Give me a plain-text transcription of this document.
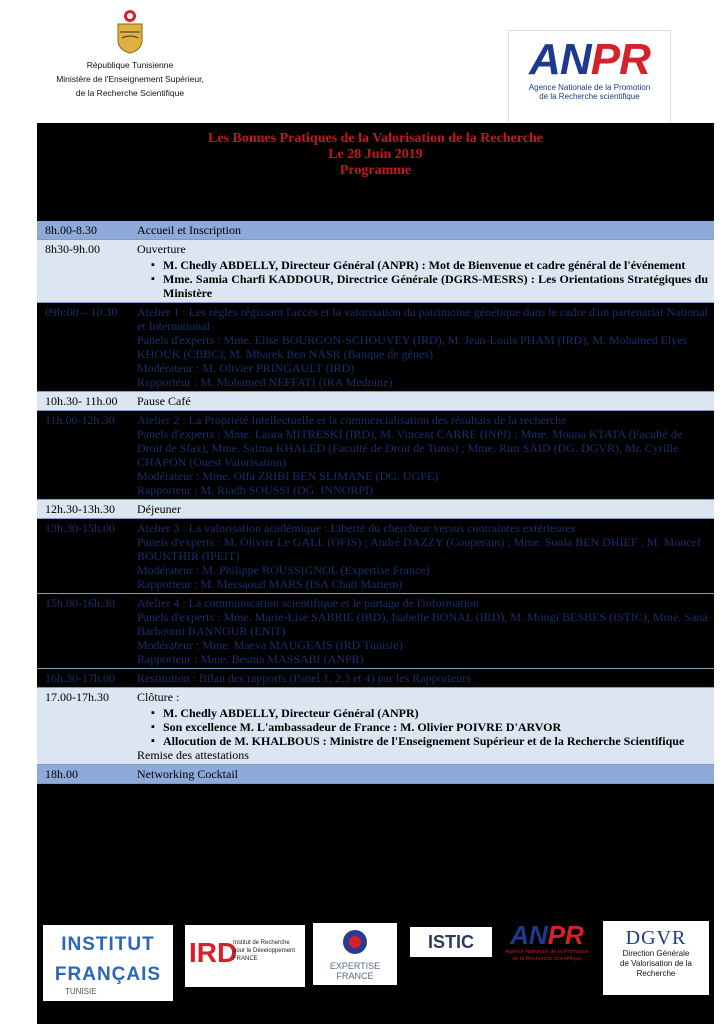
République Tunisienne
Ministère de l'Enseignement Supérieur,
de la Recherche Scientifique
ANPR
Agence Nationale de la Promotion
de la Recherche scientifique
Les Bonnes Pratiques de la Valorisation de la Recherche
Le 28 Juin 2019
Programme
8h.00-8.30	Accueil et Inscription
8h30-9h.00	Ouverture
▪ M. Chedly ABDELLY, Directeur Général (ANPR) : Mot de Bienvenue et cadre général de l'événement
▪ Mme. Samia Charfi KADDOUR, Directrice Générale (DGRS-MESRS) : Les Orientations Stratégiques du Ministère
09h:00 – 10.30	Atelier 1 : Les règles régissant l'accès et la valorisation du patrimoine génétique dans le cadre d'un partenariat National et International
Panels d'experts : Mme. Elise BOURGON-SCHOUVEY (IRD), M. Jean-Louis PHAM (IRD), M. Mohamed Elyes KHOUK (CBBC), M. Mbarek Ben NASR (Banque de gènes)
Modérateur : M. Olivier PRINGAULT (IRD)
Rapporteur : M. Mohamed NEFFATI (IRA Mednine)
10h.30- 11h.00	Pause Café
11h.00-12h.30	Atelier 2 : La Propriété Intellectuelle et la commercialisation des résultats de la recherche
Panels d'experts : Mme. Laura MITRESKI (IRD), M. Vincent CARRE (INPI) ; Mme. Mouna KTATA (Faculté de Droit de Sfax), Mme. Salma KHALED (Faculté de Droit de Tunis) ; Mme. Rim SAID (DG. DGVR), Mr. Cyrille CHAPON (Ouest Valorisation)
Modérateur : Mme. Olfa ZRIBI BEN SLIMANE (DG. UGPE)
Rapporteur : M. Riadh SOUSSI (DG. INNORPI)
12h.30-13h.30	Déjeuner
13h.30-15h.00	Atelier 3 : La valorisation académique : Liberté du chercheur versus contraintes extérieures
Panels d'experts : M. Olivier Le GALL (OFIS) ; André DAZZY (Couperain) ; Mme. Sonia BEN DHIEF ; M. Moncef BOUKTHIR (IPEIT)
Modérateur : M. Philippe ROUSSIGNOL (Expertise France)
Rapporteur : M. Messaoud MARS (ISA Chatt Mariem)
15h.00-16h.30	Atelier 4 : La communication scientifique et le partage de l'information
Panels d'experts : Mme. Marie-Lise SABRIE (IRD), Isabelle BONAL (IRD), M. Mongi BESBES (ISTIC), Mme. Sana Barhoumi BANNOUR (ENIT)
Modérateur : Mme. Maeva MAUGEAIS (IRD Tunisie)
Rapporteur : Mme. Besma MASSABI (ANPR)
16h.30-17h.00	Restitution : Bilan des rapports (Panel 1, 2,3 et 4) par les Rapporteurs
17.00-17h.30	Clôture :
▪ M. Chedly ABDELLY, Directeur Général (ANPR)
▪ Son excellence M. L'ambassadeur de France : M. Olivier POIVRE D'ARVOR
▪ Allocution de M. KHALBOUS : Ministre de l'Enseignement Supérieur et de la Recherche Scientifique
Remise des attestations
18h.00	Networking Cocktail
INSTITUT
FRANÇAIS
TUNISIE
IRD
Institut de Recherche pour le Développement
FRANCE
EXPERTISE
FRANCE
ISTIC	ANPR
Agence Nationale de la Promotion
de la Recherche scientifique
DGVR
Direction Générale
de Valorisation de la Recherche
